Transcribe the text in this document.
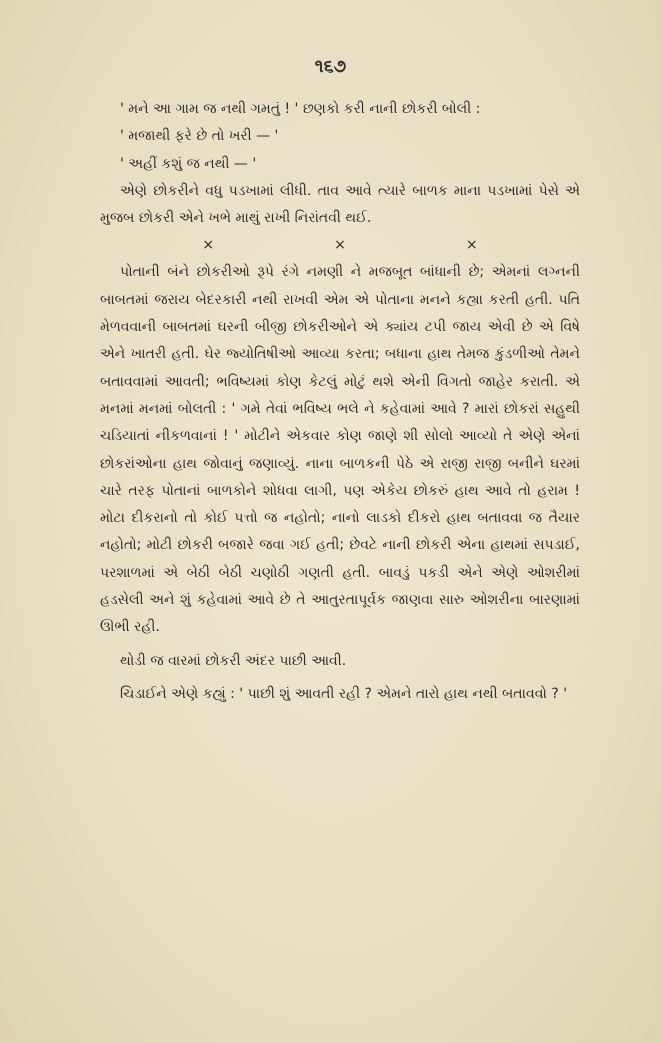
૧૬૭

' મને આ ગામ જ નથી ગમતું ! ' છણકો કરી નાની છોકરી બોલી :

' મજાથી ફરે છે તો ખરી — '

' અહીં કશું જ નથી — '

એણે છોકરીને વધુ પડખામાં લીધી. તાવ આવે ત્યારે બાળક માના પડખામાં પેસે એ મુજબ છોકરી એને ખભે માથું રાખી નિરાંતવી થઈ.

×	×	×

પોતાની બંને છોકરીઓ રૂપે રંગે નમણી ને મજબૂત બાંધાની છે; એમનાં લગ્નની બાબતમાં જરાય બેદરકારી નથી રાખવી એમ એ પોતાના મનને કહ્યા કરતી હતી. પતિ મેળવવાની બાબતમાં ઘરની બીજી છોકરીઓને એ ક્યાંય ટપી જાય એવી છે એ વિષે એને ખાતરી હતી. ઘેર જ્યોતિષીઓ આવ્યા કરતા; બધાના હાથ તેમજ કુંડળીઓ તેમને બતાવવામાં આવતી; ભવિષ્યમાં કોણ કેટલું મોટું થશે એની વિગતો જાહેર કરાતી. એ મનમાં મનમાં બોલતી : ' ગમે તેવાં ભવિષ્ય ભલે ને કહેવામાં આવે ? મારાં છોકરાં સહુથી ચડિયાતાં નીકળવાનાં ! ' મોટીને એકવાર કોણ જાણે શી સોલો આવ્યો તે એણે એનાં છોકરાંઓના હાથ જોવાનું જણાવ્યું. નાના બાળકની પેઠે એ રાજી રાજી બનીને ઘરમાં ચારે તરફ પોતાનાં બાળકોને શોધવા લાગી, પણ એકેય છોકરું હાથ આવે તો હરામ ! મોટા દીકરાનો તો કોઈ પત્તો જ નહોતો; નાનો લાડકો દીકરો હાથ બતાવવા જ તૈયાર નહોતો; મોટી છોકરી બજારે જવા ગઈ હતી; છેવટે નાની છોકરી એના હાથમાં સપડાઈ, પરશાળમાં એ બેઠી બેઠી ચણોઠી ગણતી હતી. બાવડું પકડી એને એણે ઓશરીમાં હડસેલી અને શું કહેવામાં આવે છે તે આતુરતાપૂર્વક જાણવા સારુ ઓશરીના બારણામાં ઊભી રહી.

થોડી જ વારમાં છોકરી અંદર પાછી આવી.

ચિડાઈને એણે કહ્યું : ' પાછી શું આવતી રહી ? એમને તારો હાથ નથી બતાવવો ? '
